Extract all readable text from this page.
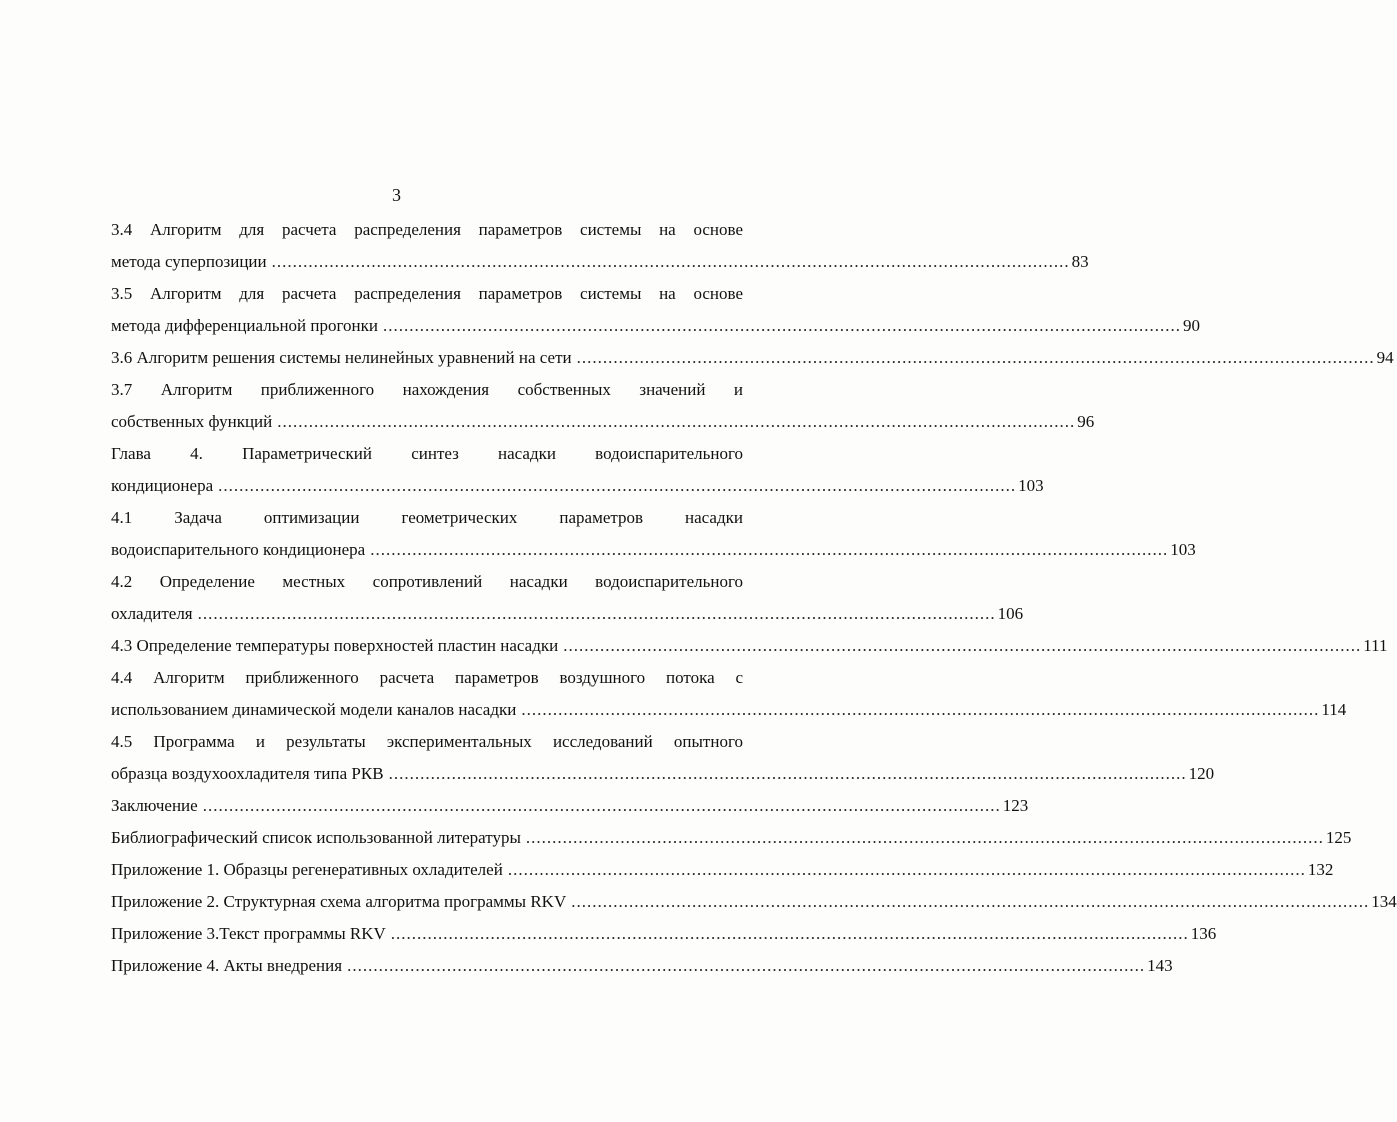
3
3.4 Алгоритм для расчета распределения параметров системы на основе
метода суперпозиции ........................................................................................................................................................ 83
3.5 Алгоритм для расчета распределения параметров системы на основе
метода дифференциальной прогонки ........................................................................................................................................................ 90
3.6 Алгоритм решения системы нелинейных уравнений на сети ........................................................................................................................................................ 94
3.7 Алгоритм приближенного нахождения собственных значений и
собственных функций ........................................................................................................................................................ 96
Глава 4. Параметрический синтез насадки водоиспарительного
кондиционера ........................................................................................................................................................ 103
4.1 Задача оптимизации геометрических параметров насадки
водоиспарительного кондиционера ........................................................................................................................................................ 103
4.2 Определение местных сопротивлений насадки водоиспарительного
охладителя ........................................................................................................................................................ 106
4.3 Определение температуры поверхностей пластин насадки ........................................................................................................................................................ 111
4.4 Алгоритм приближенного расчета параметров воздушного потока с
использованием динамической модели каналов насадки ........................................................................................................................................................ 114
4.5 Программа и результаты экспериментальных исследований опытного
образца воздухоохладителя типа РКВ ........................................................................................................................................................ 120
Заключение ........................................................................................................................................................ 123
Библиографический список использованной литературы ........................................................................................................................................................ 125
Приложение 1. Образцы регенеративных охладителей ........................................................................................................................................................ 132
Приложение 2. Структурная схема алгоритма программы RKV ........................................................................................................................................................ 134
Приложение 3.Текст программы RKV ........................................................................................................................................................ 136
Приложение 4. Акты внедрения ........................................................................................................................................................ 143
